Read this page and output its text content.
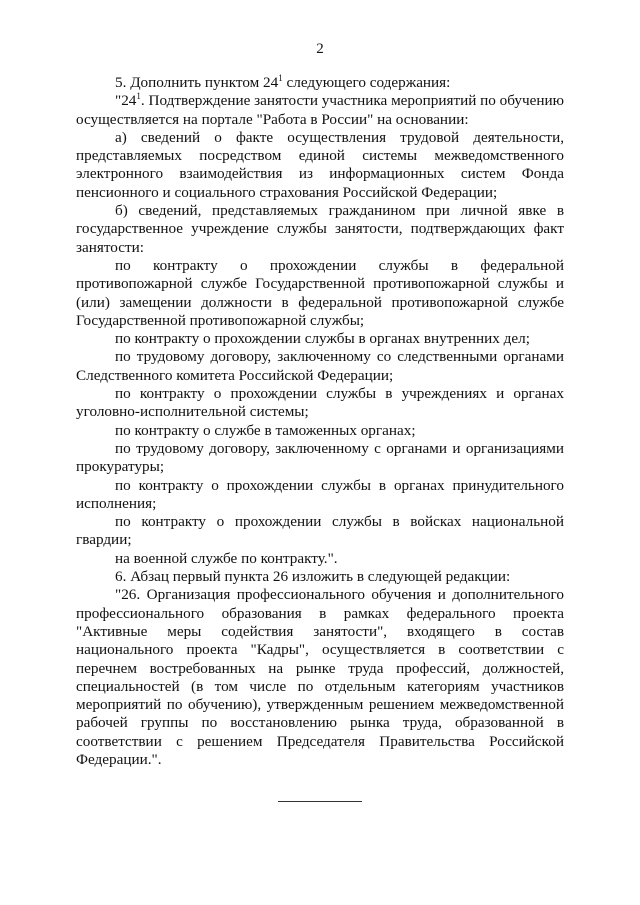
2

5. Дополнить пунктом $24^1$ следующего содержания:

"$24^1$. Подтверждение занятости участника мероприятий по обучению осуществляется на портале "Работа в России" на основании:

а) сведений о факте осуществления трудовой деятельности, представляемых посредством единой системы межведомственного электронного взаимодействия из информационных систем Фонда пенсионного и социального страхования Российской Федерации;

б) сведений, представляемых гражданином при личной явке в государственное учреждение службы занятости, подтверждающих факт занятости:

по контракту о прохождении службы в федеральной противопожарной службе Государственной противопожарной службы и (или) замещении должности в федеральной противопожарной службе Государственной противопожарной службы;

по контракту о прохождении службы в органах внутренних дел;

по трудовому договору, заключенному со следственными органами Следственного комитета Российской Федерации;

по контракту о прохождении службы в учреждениях и органах уголовно-исполнительной системы;

по контракту о службе в таможенных органах;

по трудовому договору, заключенному с органами и организациями прокуратуры;

по контракту о прохождении службы в органах принудительного исполнения;

по контракту о прохождении службы в войсках национальной гвардии;

на военной службе по контракту.".

6. Абзац первый пункта 26 изложить в следующей редакции:

"26. Организация профессионального обучения и дополнительного профессионального образования в рамках федерального проекта "Активные меры содействия занятости", входящего в состав национального проекта "Кадры", осуществляется в соответствии с перечнем востребованных на рынке труда профессий, должностей, специальностей (в том числе по отдельным категориям участников мероприятий по обучению), утвержденным решением межведомственной рабочей группы по восстановлению рынка труда, образованной в соответствии с решением Председателя Правительства Российской Федерации.".
